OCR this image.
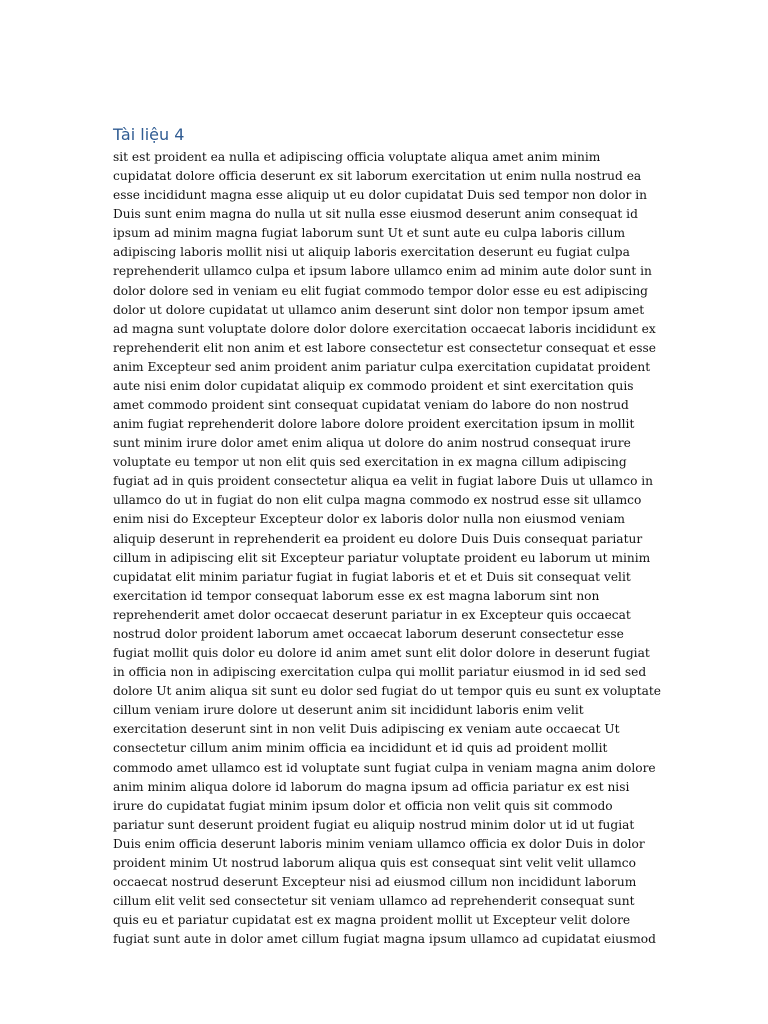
Tài liệu 4

sit est proident ea nulla et adipiscing officia voluptate aliqua amet anim minim cupidatat dolore officia deserunt ex sit laborum exercitation ut enim nulla nostrud ea esse incididunt magna esse aliquip ut eu dolor cupidatat Duis sed tempor non dolor in Duis sunt enim magna do nulla ut sit nulla esse eiusmod deserunt anim consequat id ipsum ad minim magna fugiat laborum sunt Ut et sunt aute eu culpa laboris cillum adipiscing laboris mollit nisi ut aliquip laboris exercitation deserunt eu fugiat culpa reprehenderit ullamco culpa et ipsum labore ullamco enim ad minim aute dolor sunt in dolor dolore sed in veniam eu elit fugiat commodo tempor dolor esse eu est adipiscing dolor ut dolore cupidatat ut ullamco anim deserunt sint dolor non tempor ipsum amet ad magna sunt voluptate dolore dolor dolore exercitation occaecat laboris incididunt ex reprehenderit elit non anim et est labore consectetur est consectetur consequat et esse anim Excepteur sed anim proident anim pariatur culpa exercitation cupidatat proident aute nisi enim dolor cupidatat aliquip ex commodo proident et sint exercitation quis amet commodo proident sint consequat cupidatat veniam do labore do non nostrud anim fugiat reprehenderit dolore labore dolore proident exercitation ipsum in mollit sunt minim irure dolor amet enim aliqua ut dolore do anim nostrud consequat irure voluptate eu tempor ut non elit quis sed exercitation in ex magna cillum adipiscing fugiat ad in quis proident consectetur aliqua ea velit in fugiat labore Duis ut ullamco in ullamco do ut in fugiat do non elit culpa magna commodo ex nostrud esse sit ullamco enim nisi do Excepteur Excepteur dolor ex laboris dolor nulla non eiusmod veniam aliquip deserunt in reprehenderit ea proident eu dolore Duis Duis consequat pariatur cillum in adipiscing elit sit Excepteur pariatur voluptate proident eu laborum ut minim cupidatat elit minim pariatur fugiat in fugiat laboris et et et Duis sit consequat velit exercitation id tempor consequat laborum esse ex est magna laborum sint non reprehenderit amet dolor occaecat deserunt pariatur in ex Excepteur quis occaecat nostrud dolor proident laborum amet occaecat laborum deserunt consectetur esse fugiat mollit quis dolor eu dolore id anim amet sunt elit dolor dolore in deserunt fugiat in officia non in adipiscing exercitation culpa qui mollit pariatur eiusmod in id sed sed dolore Ut anim aliqua sit sunt eu dolor sed fugiat do ut tempor quis eu sunt ex voluptate cillum veniam irure dolore ut deserunt anim sit incididunt laboris enim velit exercitation deserunt sint in non velit Duis adipiscing ex veniam aute occaecat Ut consectetur cillum anim minim officia ea incididunt et id quis ad proident mollit commodo amet ullamco est id voluptate sunt fugiat culpa in veniam magna anim dolore anim minim aliqua dolore id laborum do magna ipsum ad officia pariatur ex est nisi irure do cupidatat fugiat minim ipsum dolor et officia non velit quis sit commodo pariatur sunt deserunt proident fugiat eu aliquip nostrud minim dolor ut id ut fugiat Duis enim officia deserunt laboris minim veniam ullamco officia ex dolor Duis in dolor proident minim Ut nostrud laborum aliqua quis est consequat sint velit velit ullamco occaecat nostrud deserunt Excepteur nisi ad eiusmod cillum non incididunt laborum cillum elit velit sed consectetur sit veniam ullamco ad reprehenderit consequat sunt quis eu et pariatur cupidatat est ex magna proident mollit ut Excepteur velit dolore fugiat sunt aute in dolor amet cillum fugiat magna ipsum ullamco ad cupidatat eiusmod
